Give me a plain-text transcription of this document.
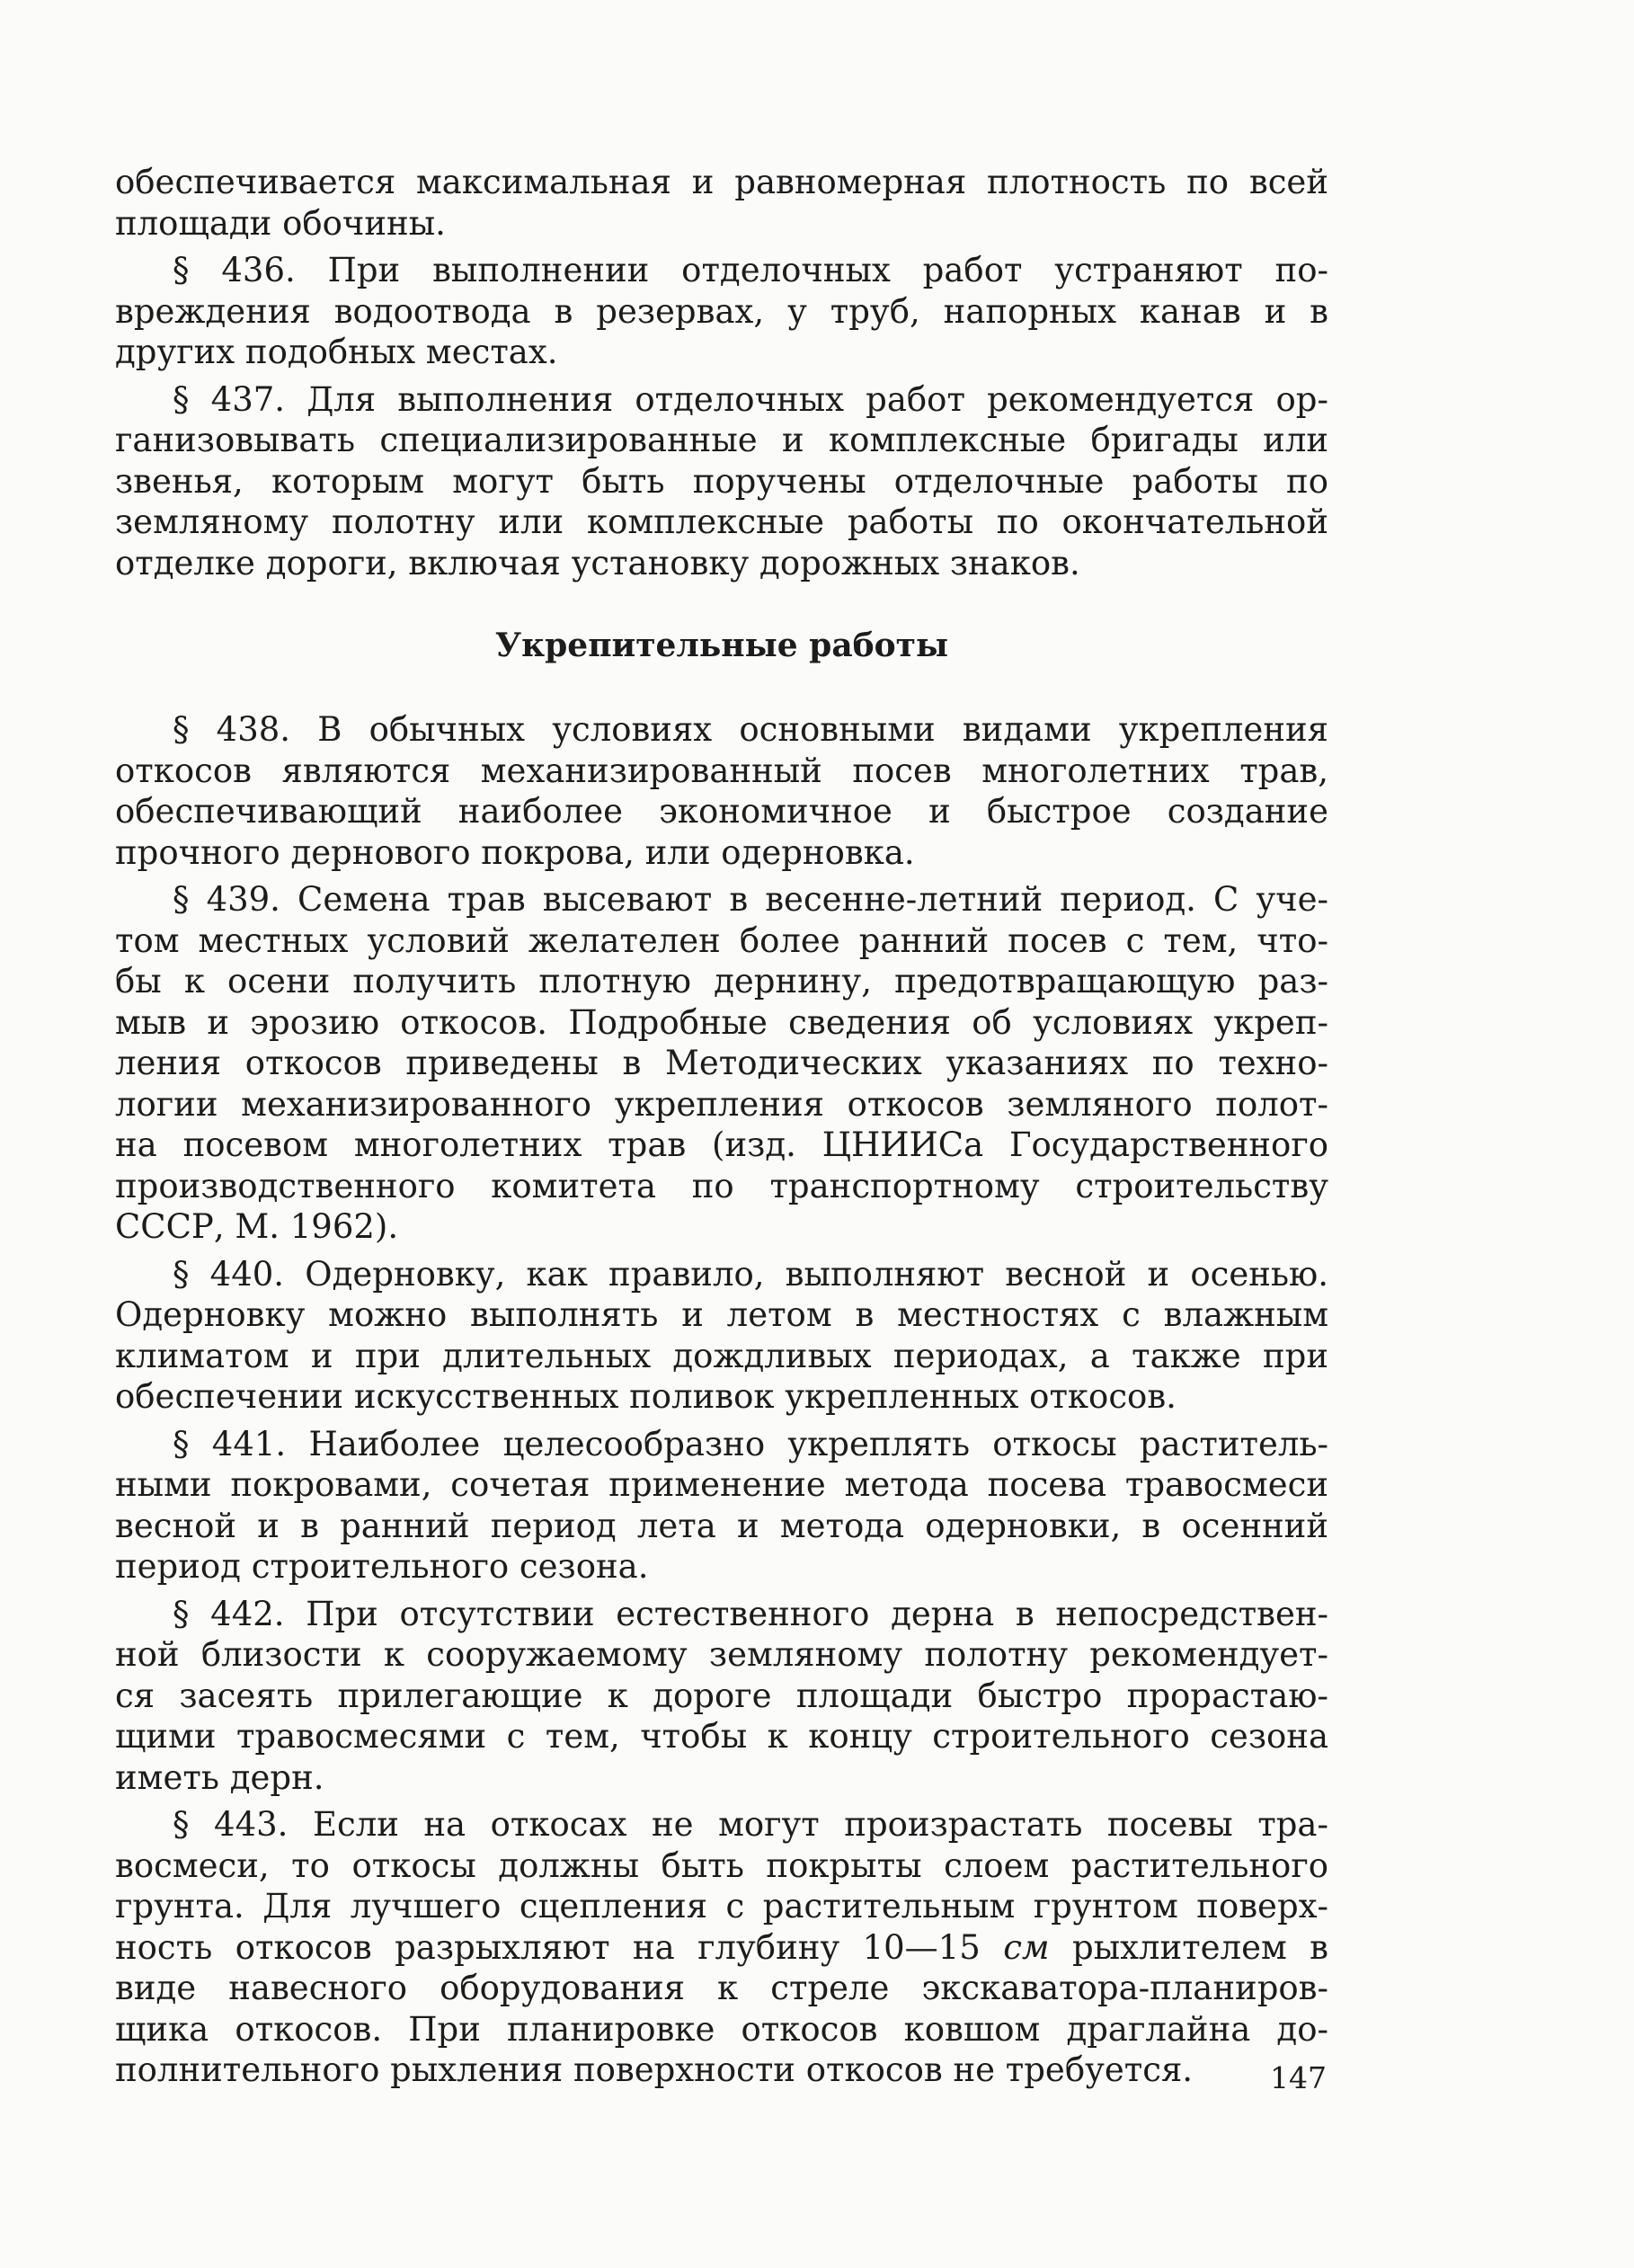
обеспечивается максимальная и равномерная плотность по всей
площади обочины.
§ 436. При выполнении отделочных работ устраняют по-
вреждения водоотвода в резервах, у труб, напорных канав и в
других подобных местах.
§ 437. Для выполнения отделочных работ рекомендуется ор-
ганизовывать специализированные и комплексные бригады или
звенья, которым могут быть поручены отделочные работы по
земляному полотну или комплексные работы по окончательной
отделке дороги, включая установку дорожных знаков.
Укрепительные работы
§ 438. В обычных условиях основными видами укрепления
откосов являются механизированный посев многолетних трав,
обеспечивающий наиболее экономичное и быстрое создание
прочного дернового покрова, или одерновка.
§ 439. Семена трав высевают в весенне-летний период. С уче-
том местных условий желателен более ранний посев с тем, что-
бы к осени получить плотную дернину, предотвращающую раз-
мыв и эрозию откосов. Подробные сведения об условиях укреп-
ления откосов приведены в Методических указаниях по техно-
логии механизированного укрепления откосов земляного полот-
на посевом многолетних трав (изд. ЦНИИСа Государственного
производственного комитета по транспортному строительству
СССР, М. 1962).
§ 440. Одерновку, как правило, выполняют весной и осенью.
Одерновку можно выполнять и летом в местностях с влажным
климатом и при длительных дождливых периодах, а также при
обеспечении искусственных поливок укрепленных откосов.
§ 441. Наиболее целесообразно укреплять откосы раститель-
ными покровами, сочетая применение метода посева травосмеси
весной и в ранний период лета и метода одерновки, в осенний
период строительного сезона.
§ 442. При отсутствии естественного дерна в непосредствен-
ной близости к сооружаемому земляному полотну рекомендует-
ся засеять прилегающие к дороге площади быстро прорастаю-
щими травосмесями с тем, чтобы к концу строительного сезона
иметь дерн.
§ 443. Если на откосах не могут произрастать посевы тра-
восмеси, то откосы должны быть покрыты слоем растительного
грунта. Для лучшего сцепления с растительным грунтом поверх-
ность откосов разрыхляют на глубину 10—15 см рыхлителем в
виде навесного оборудования к стреле экскаватора-планиров-
щика откосов. При планировке откосов ковшом драглайна до-
полнительного рыхления поверхности откосов не требуется.	147
